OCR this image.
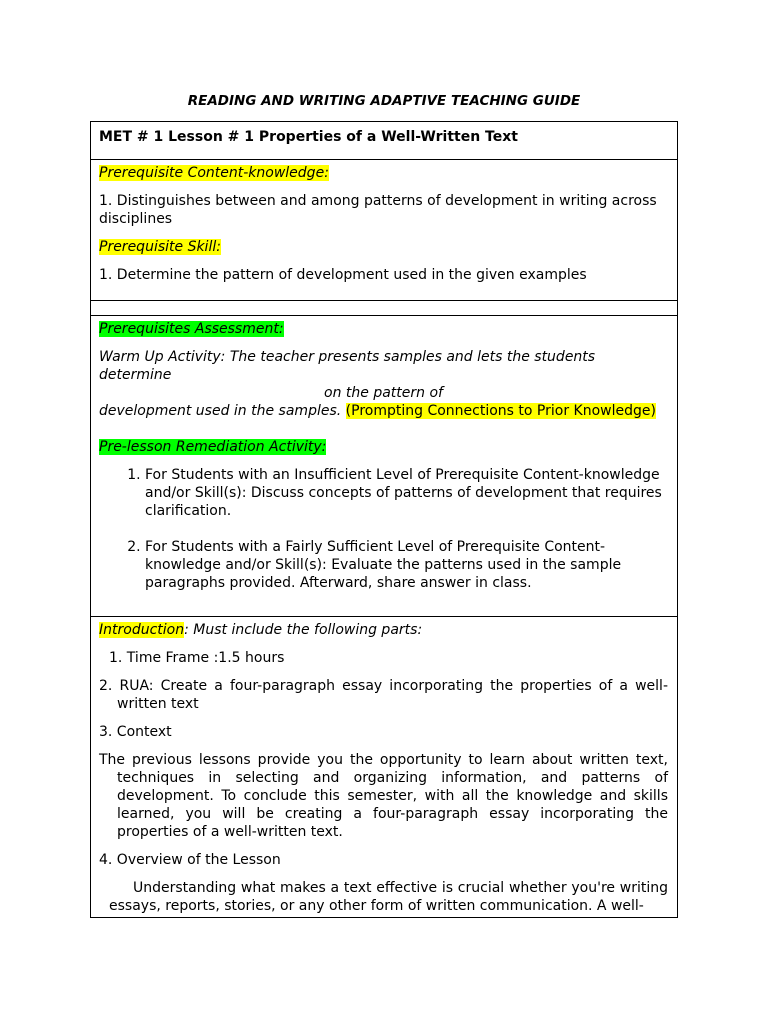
READING AND WRITING ADAPTIVE TEACHING GUIDE

MET # 1 Lesson # 1 Properties of a Well-Written Text

Prerequisite Content-knowledge:

1. Distinguishes between and among patterns of development in writing across disciplines

Prerequisite Skill:

1. Determine the pattern of development used in the given examples

Prerequisites Assessment:

Warm Up Activity: The teacher presents samples and lets the students determine
on the pattern of
development used in the samples. (Prompting Connections to Prior Knowledge)

Pre-lesson Remediation Activity:

1. For Students with an Insufficient Level of Prerequisite Content-knowledge and/or Skill(s): Discuss concepts of patterns of development that requires clarification.
2. For Students with a Fairly Sufficient Level of Prerequisite Content-knowledge and/or Skill(s): Evaluate the patterns used in the sample paragraphs provided. Afterward, share answer in class.

Introduction: Must include the following parts:

1. Time Frame :1.5 hours

2. RUA: Create a four-paragraph essay incorporating the properties of a well-written text

3. Context

The previous lessons provide you the opportunity to learn about written text, techniques in selecting and organizing information, and patterns of development. To conclude this semester, with all the knowledge and skills learned, you will be creating a four-paragraph essay incorporating the properties of a well-written text.

4. Overview of the Lesson

Understanding what makes a text effective is crucial whether you're writing essays, reports, stories, or any other form of written communication. A well-
